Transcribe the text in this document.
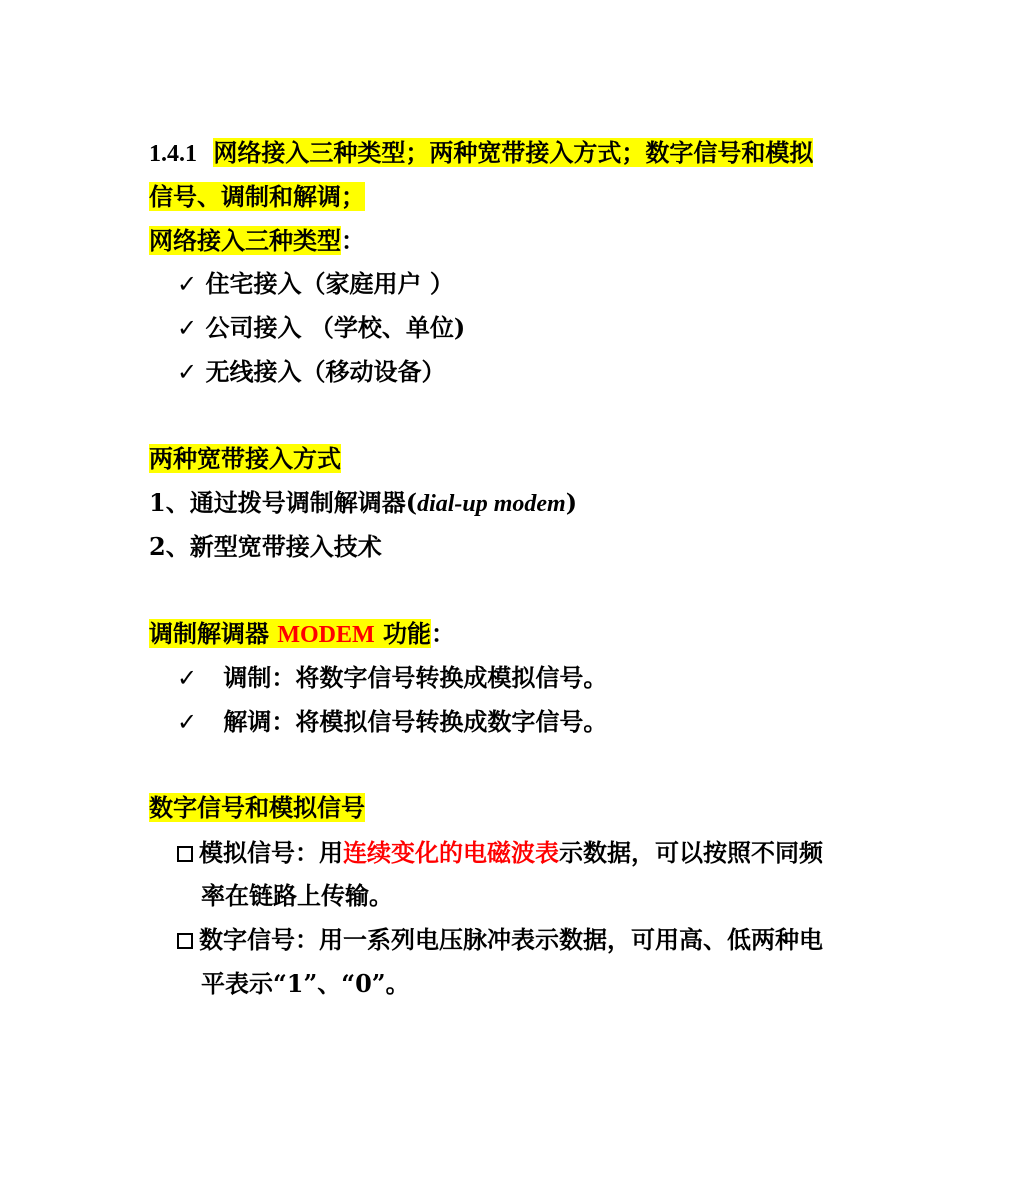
1.4.1 网络接入三种类型；两种宽带接入方式；数字信号和模拟
信号、调制和解调；
网络接入三种类型：
✓ 住宅接入（家庭用户 ）
✓ 公司接入 （学校、单位)
✓ 无线接入（移动设备）
两种宽带接入方式
1、通过拨号调制解调器(dial-up modem)
2、新型宽带接入技术
调制解调器 MODEM 功能：
✓ 调制：将数字信号转换成模拟信号。
✓ 解调：将模拟信号转换成数字信号。
数字信号和模拟信号
模拟信号：用连续变化的电磁波表示数据，可以按照不同频
率在链路上传输。
数字信号：用一系列电压脉冲表示数据，可用高、低两种电
平表示“1”、“0”。
